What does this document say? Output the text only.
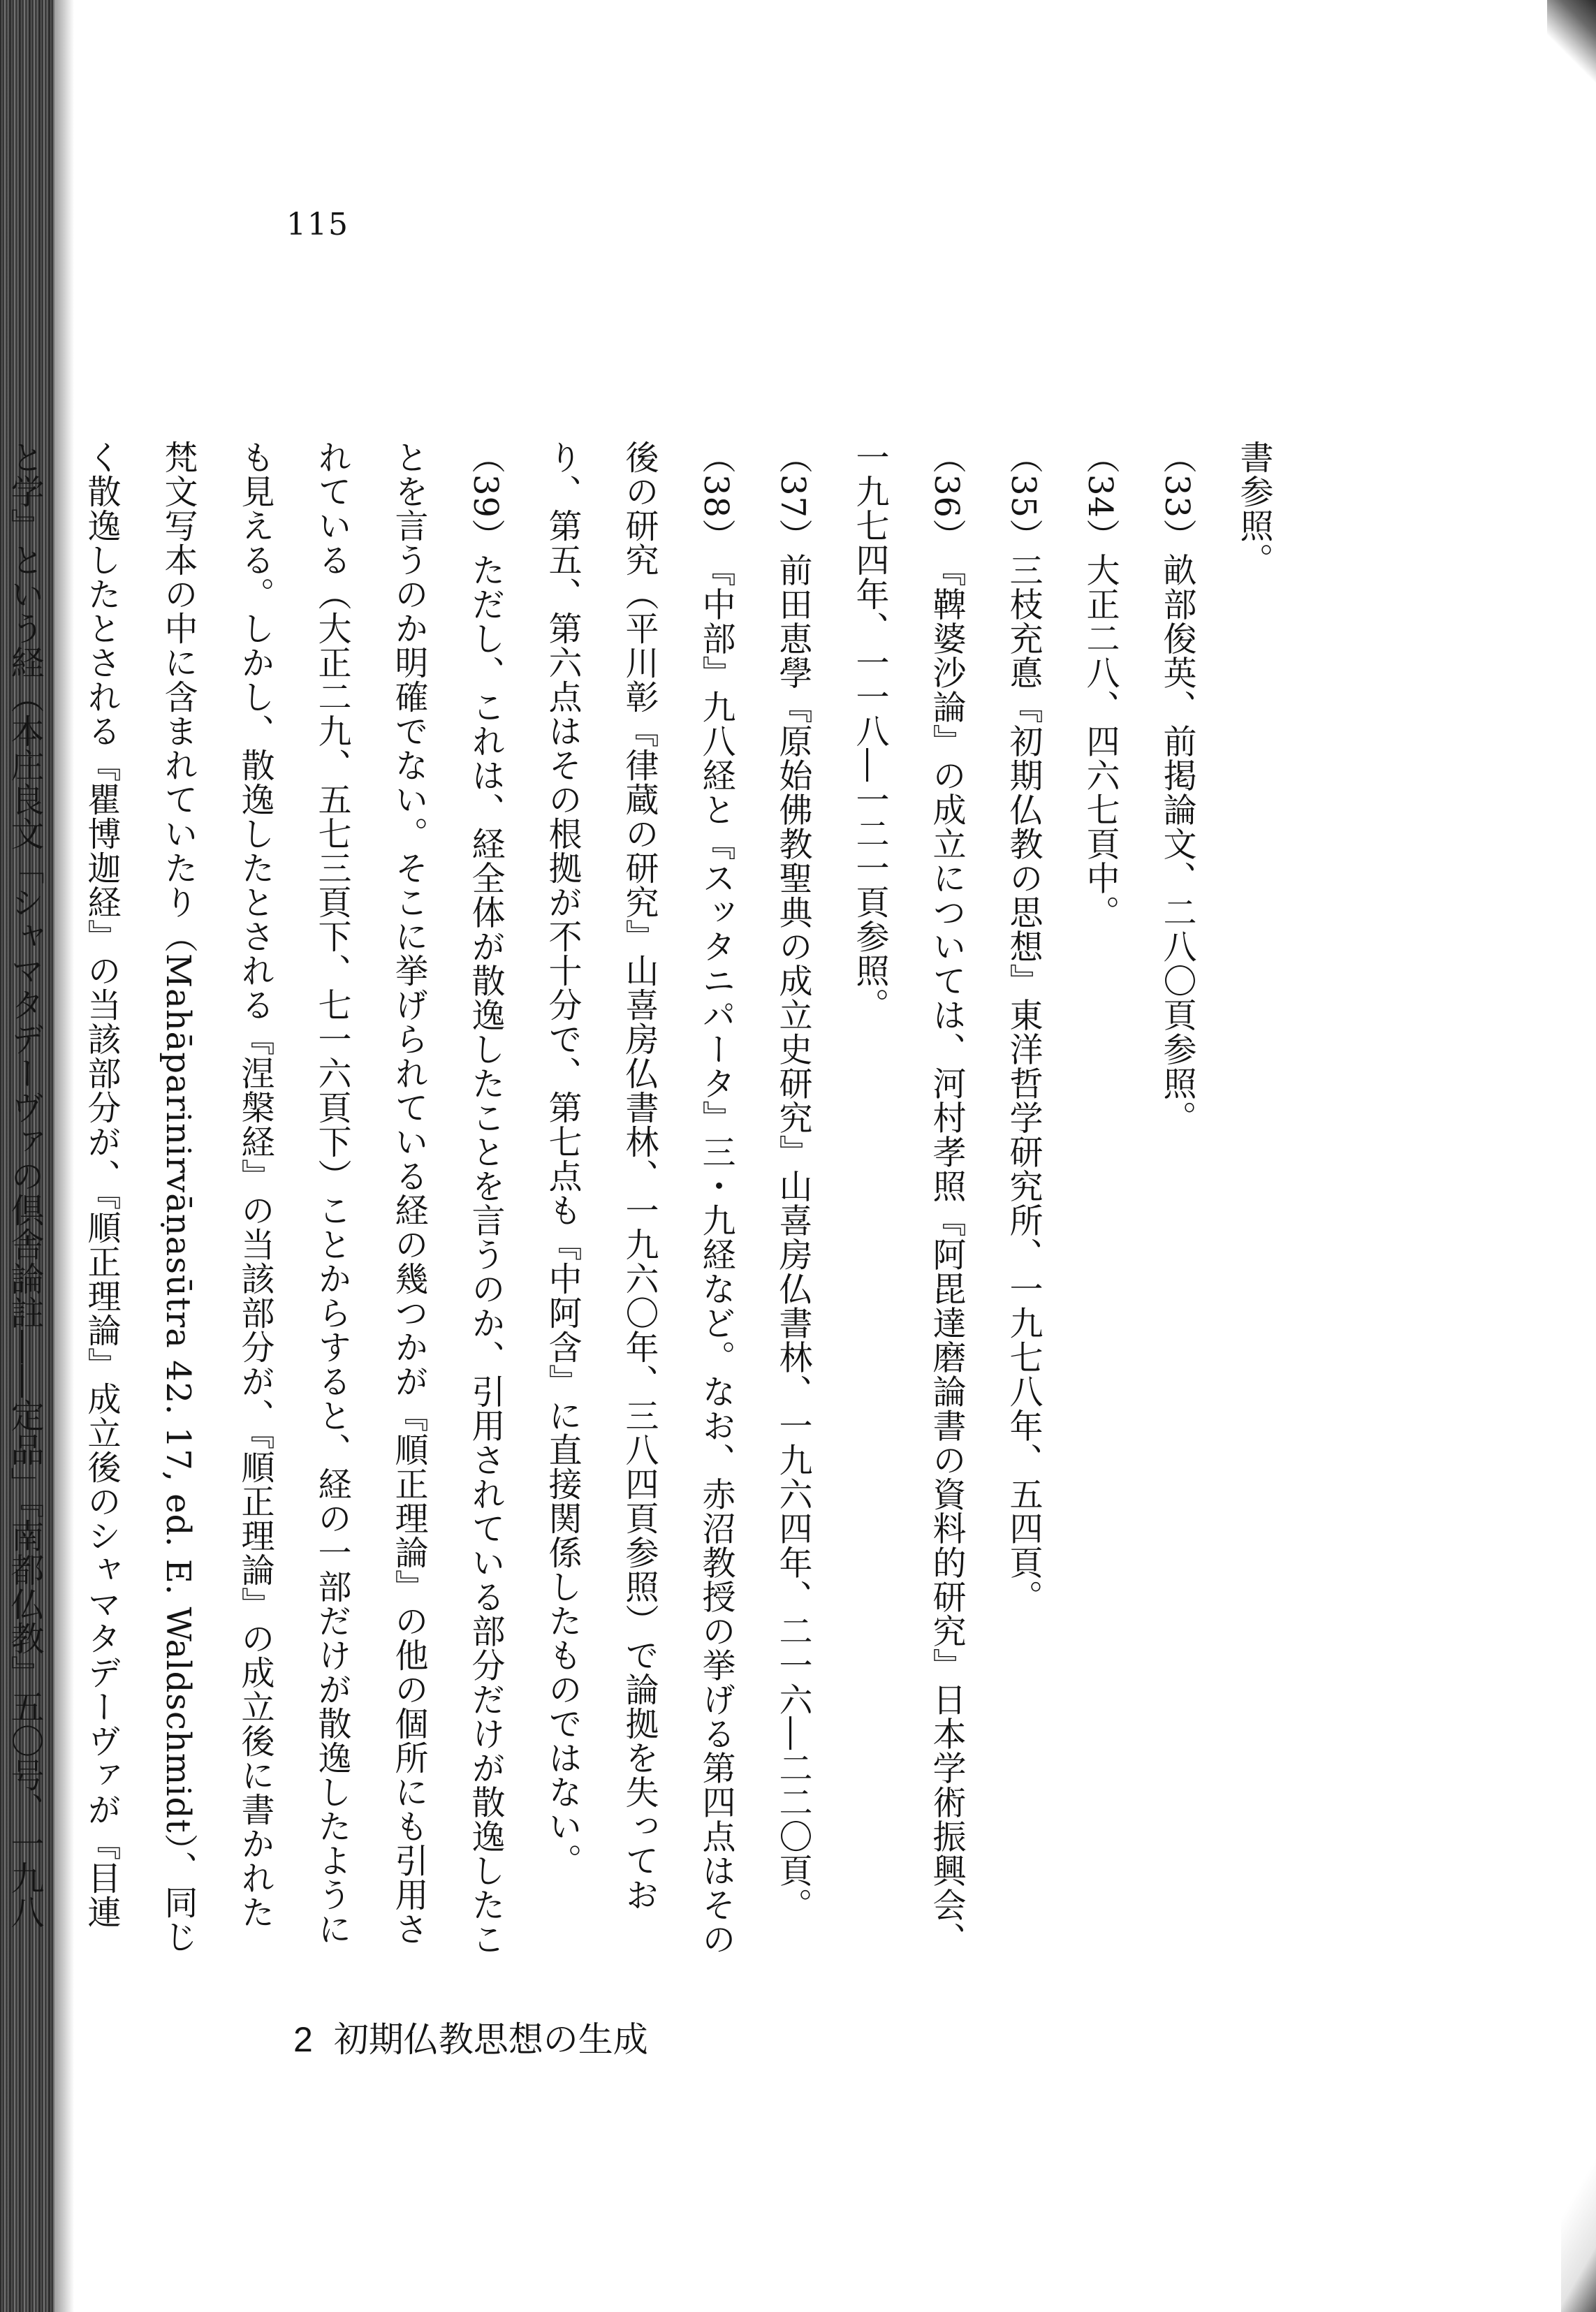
115

書参照。

（33）畝部俊英、前掲論文、二八〇頁参照。

（34）大正二八、四六七頁中。

（35）三枝充悳『初期仏教の思想』東洋哲学研究所、一九七八年、五四頁。

（36）『鞞婆沙論』の成立については、河村孝照『阿毘達磨論書の資料的研究』日本学術振興会、一九七四年、一一八―一二一頁参照。

（37）前田恵學『原始佛教聖典の成立史研究』山喜房仏書林、一九六四年、二一六―二二〇頁。

（38）『中部』九八経と『スッタニパータ』三・九経など。なお、赤沼教授の挙げる第四点はその後の研究（平川彰『律蔵の研究』山喜房仏書林、一九六〇年、三八四頁参照）で論拠を失っており、第五、第六点はその根拠が不十分で、第七点も『中阿含』に直接関係したものではない。

（39）ただし、これは、経全体が散逸したことを言うのか、引用されている部分だけが散逸したことを言うのか明確でない。そこに挙げられている経の幾つかが『順正理論』の他の個所にも引用されている（大正二九、五七三頁下、七一六頁下）ことからすると、経の一部だけが散逸したようにも見える。しかし、散逸したとされる『涅槃経』の当該部分が、『順正理論』の成立後に書かれた梵文写本の中に含まれていたり（Mahāparinirvāṇasūtra 42. 17, ed. E. Waldschmidt）、同じく散逸したとされる『瞿博迦経』の当該部分が、『順正理論』成立後のシャマタデーヴァが『目連と学』という経（本庄良文「シャマタデーヴァの倶舎論註――定品」『南都仏教』五〇号、一九八

2 初期仏教思想の生成
